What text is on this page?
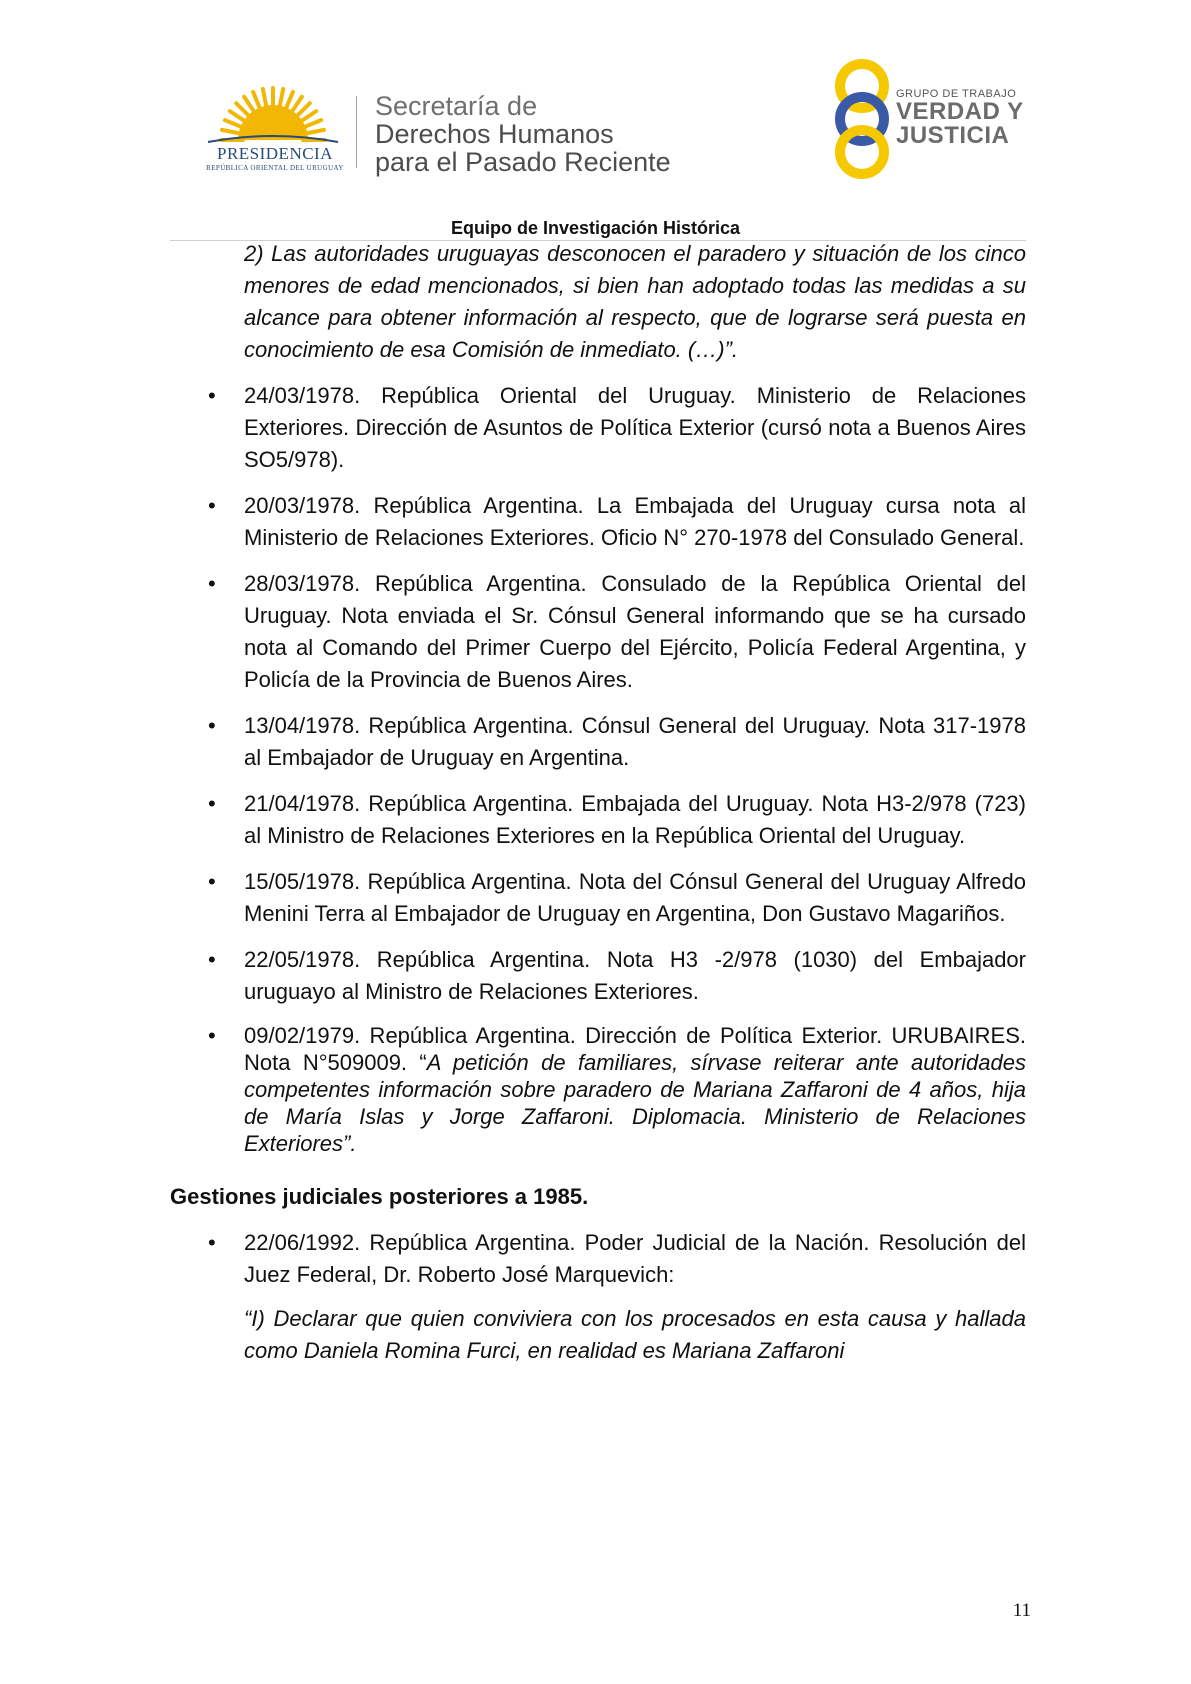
PRESIDENCIA
REPÚBLICA ORIENTAL DEL URUGUAY
Secretaría de
Derechos Humanos
para el Pasado Reciente
GRUPO DE TRABAJO
VERDAD Y
JUSTICIA
Equipo de Investigación Histórica
2) Las autoridades uruguayas desconocen el paradero y situación de los cinco menores de edad mencionados, si bien han adoptado todas las medidas a su alcance para obtener información al respecto, que de lograrse será puesta en conocimiento de esa Comisión de inmediato. (…)”.
• 24/03/1978. República Oriental del Uruguay. Ministerio de Relaciones Exteriores. Dirección de Asuntos de Política Exterior (cursó nota a Buenos Aires SO5/978).
• 20/03/1978. República Argentina. La Embajada del Uruguay cursa nota al Ministerio de Relaciones Exteriores. Oficio N° 270-1978 del Consulado General.
• 28/03/1978. República Argentina. Consulado de la República Oriental del Uruguay. Nota enviada el Sr. Cónsul General informando que se ha cursado nota al Comando del Primer Cuerpo del Ejército, Policía Federal Argentina, y Policía de la Provincia de Buenos Aires.
• 13/04/1978. República Argentina. Cónsul General del Uruguay. Nota 317-1978 al Embajador de Uruguay en Argentina.
• 21/04/1978. República Argentina. Embajada del Uruguay. Nota H3-2/978 (723) al Ministro de Relaciones Exteriores en la República Oriental del Uruguay.
• 15/05/1978. República Argentina. Nota del Cónsul General del Uruguay Alfredo Menini Terra al Embajador de Uruguay en Argentina, Don Gustavo Magariños.
• 22/05/1978. República Argentina. Nota H3 -2/978 (1030) del Embajador uruguayo al Ministro de Relaciones Exteriores.
• 09/02/1979. República Argentina. Dirección de Política Exterior. URUBAIRES. Nota N°509009. “A petición de familiares, sírvase reiterar ante autoridades competentes información sobre paradero de Mariana Zaffaroni de 4 años, hija de María Islas y Jorge Zaffaroni. Diplomacia. Ministerio de Relaciones Exteriores”.
Gestiones judiciales posteriores a 1985.
• 22/06/1992. República Argentina. Poder Judicial de la Nación. Resolución del Juez Federal, Dr. Roberto José Marquevich:
“I) Declarar que quien conviviera con los procesados en esta causa y hallada como Daniela Romina Furci, en realidad es Mariana Zaffaroni
11
